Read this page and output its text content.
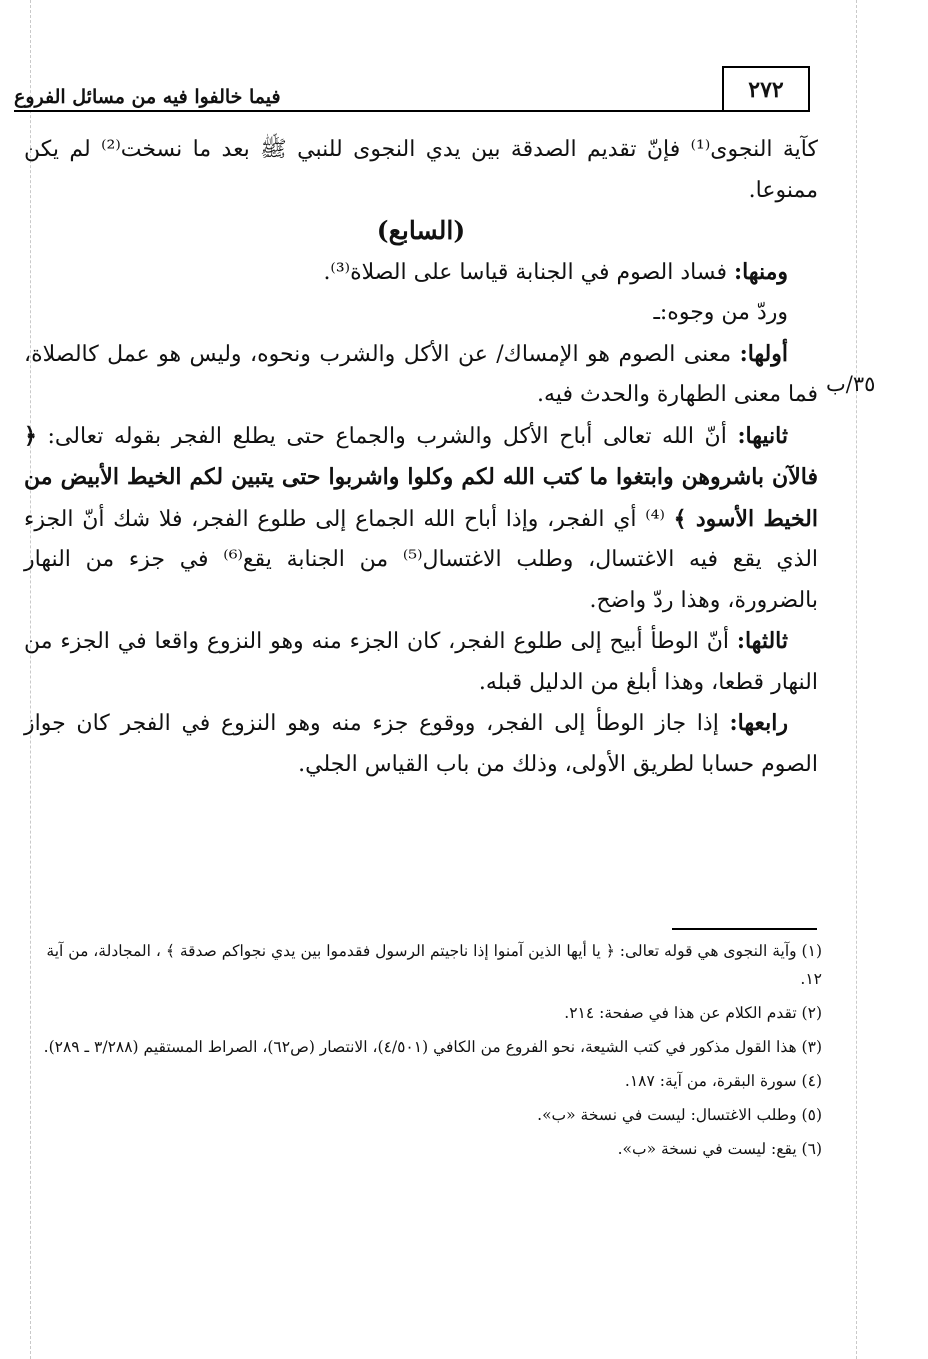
٢٧٢
فيما خالفوا فيه من مسائل الفروع
٣٥/ب

كآية النجوى⁽¹⁾ فإنّ تقديم الصدقة بين يدي النجوى للنبي ﷺ بعد ما نسخت⁽²⁾ لم يكن ممنوعا.

(السابع)

ومنها: فساد الصوم في الجنابة قياسا على الصلاة⁽³⁾.

وردّ من وجوه:ـ

أولها: معنى الصوم هو الإمساك/ عن الأكل والشرب ونحوه، وليس هو عمل كالصلاة، فما معنى الطهارة والحدث فيه.

ثانيها: أنّ الله تعالى أباح الأكل والشرب والجماع حتى يطلع الفجر بقوله تعالى: ﴿ فالآن باشروهن وابتغوا ما كتب الله لكم وكلوا واشربوا حتى يتبين لكم الخيط الأبيض من الخيط الأسود ﴾ ⁽⁴⁾ أي الفجر، وإذا أباح الله الجماع إلى طلوع الفجر، فلا شك أنّ الجزء الذي يقع فيه الاغتسال، وطلب الاغتسال⁽⁵⁾ من الجنابة يقع⁽⁶⁾ في جزء من النهار بالضرورة، وهذا ردّ واضح.

ثالثها: أنّ الوطأ أبيح إلى طلوع الفجر، كان الجزء منه وهو النزوع واقعا في الجزء من النهار قطعا، وهذا أبلغ من الدليل قبله.

رابعها: إذا جاز الوطأ إلى الفجر، ووقوع جزء منه وهو النزوع في الفجر كان جواز الصوم حسابا لطريق الأولى، وذلك من باب القياس الجلي.

(١) وآية النجوى هي قوله تعالى: ﴿ يا أيها الذين آمنوا إذا ناجيتم الرسول فقدموا بين يدي نجواكم صدقة ﴾ ، المجادلة، من آية ١٢.

(٢) تقدم الكلام عن هذا في صفحة: ٢١٤.

(٣) هذا القول مذكور في كتب الشيعة، نحو الفروع من الكافي (٤/٥٠١)، الانتصار (ص٦٢)، الصراط المستقيم (٣/٢٨٨ ـ ٢٨٩).

(٤) سورة البقرة، من آية: ١٨٧.

(٥) وطلب الاغتسال: ليست في نسخة «ب».

(٦) يقع: ليست في نسخة «ب».
